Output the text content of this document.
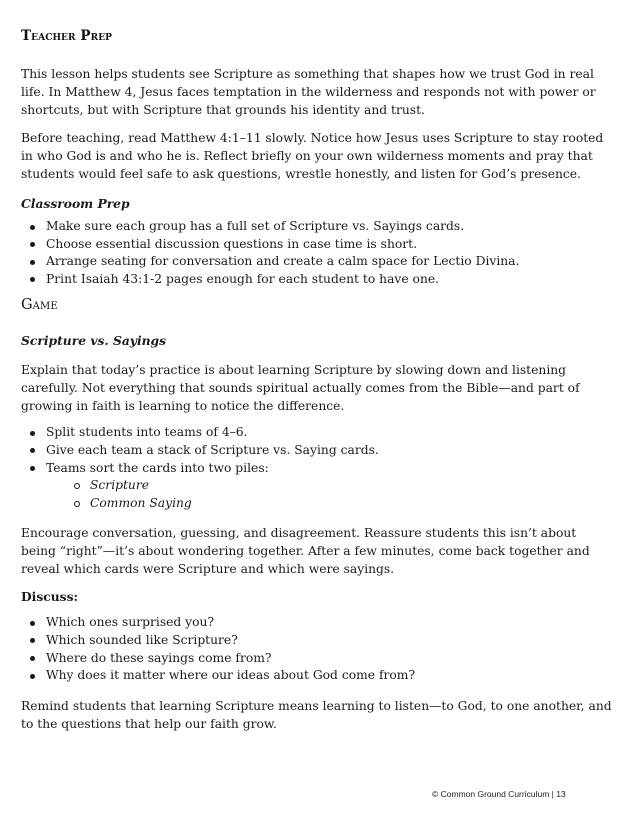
Teacher Prep

This lesson helps students see Scripture as something that shapes how we trust God in real life. In Matthew 4, Jesus faces temptation in the wilderness and responds not with power or shortcuts, but with Scripture that grounds his identity and trust.

Before teaching, read Matthew 4:1–11 slowly. Notice how Jesus uses Scripture to stay rooted in who God is and who he is. Reflect briefly on your own wilderness moments and pray that students would feel safe to ask questions, wrestle honestly, and listen for God’s presence.

Classroom Prep
Make sure each group has a full set of Scripture vs. Sayings cards.
Choose essential discussion questions in case time is short.
Arrange seating for conversation and create a calm space for Lectio Divina.
Print Isaiah 43:1-2 pages enough for each student to have one.
Game
Scripture vs. Sayings

Explain that today’s practice is about learning Scripture by slowing down and listening carefully. Not everything that sounds spiritual actually comes from the Bible—and part of growing in faith is learning to notice the difference.

Split students into teams of 4–6.
Give each team a stack of Scripture vs. Saying cards.
Teams sort the cards into two piles:
Scripture
Common Saying

Encourage conversation, guessing, and disagreement. Reassure students this isn’t about being “right”—it’s about wondering together. After a few minutes, come back together and reveal which cards were Scripture and which were sayings.

Discuss:
Which ones surprised you?
Which sounded like Scripture?
Where do these sayings come from?
Why does it matter where our ideas about God come from?

Remind students that learning Scripture means learning to listen—to God, to one another, and to the questions that help our faith grow.

© Common Ground Curriculum | 13
